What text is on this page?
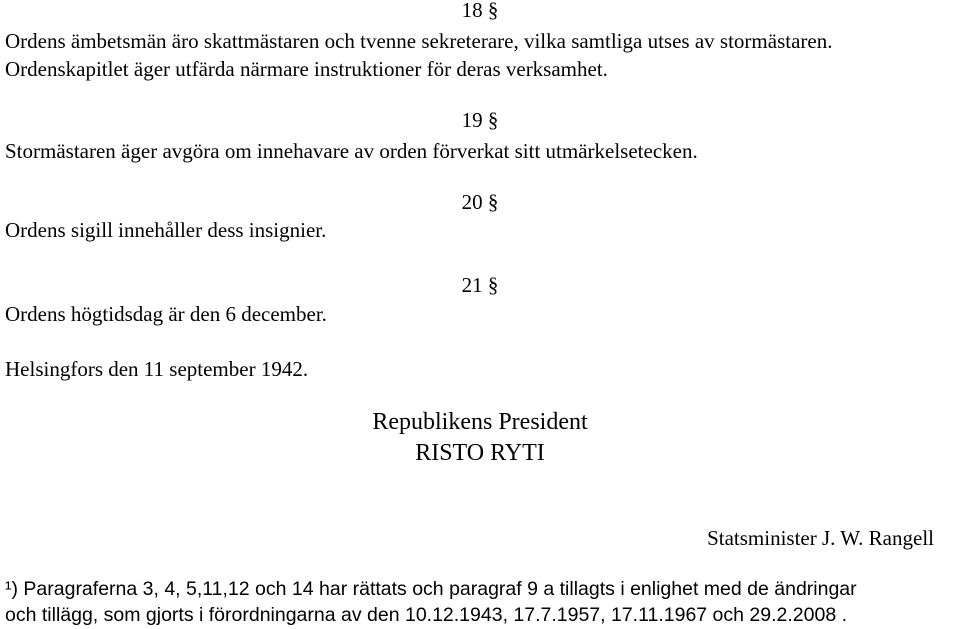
18 §
Ordens ämbetsmän äro skattmästaren och tvenne sekreterare, vilka samtliga utses av stormästaren.
Ordenskapitlet äger utfärda närmare instruktioner för deras verksamhet.
19 §
Stormästaren äger avgöra om innehavare av orden förverkat sitt utmärkelsetecken.
20 §
Ordens sigill innehåller dess insignier.
21 §
Ordens högtidsdag är den 6 december.
Helsingfors den 11 september 1942.
Republikens President
RISTO RYTI
Statsminister J. W. Rangell
¹) Paragraferna 3, 4, 5,11,12 och 14 har rättats och paragraf 9 a tillagts i enlighet med de ändringar
och tillägg, som gjorts i förordningarna av den 10.12.1943, 17.7.1957, 17.11.1967 och 29.2.2008 .
